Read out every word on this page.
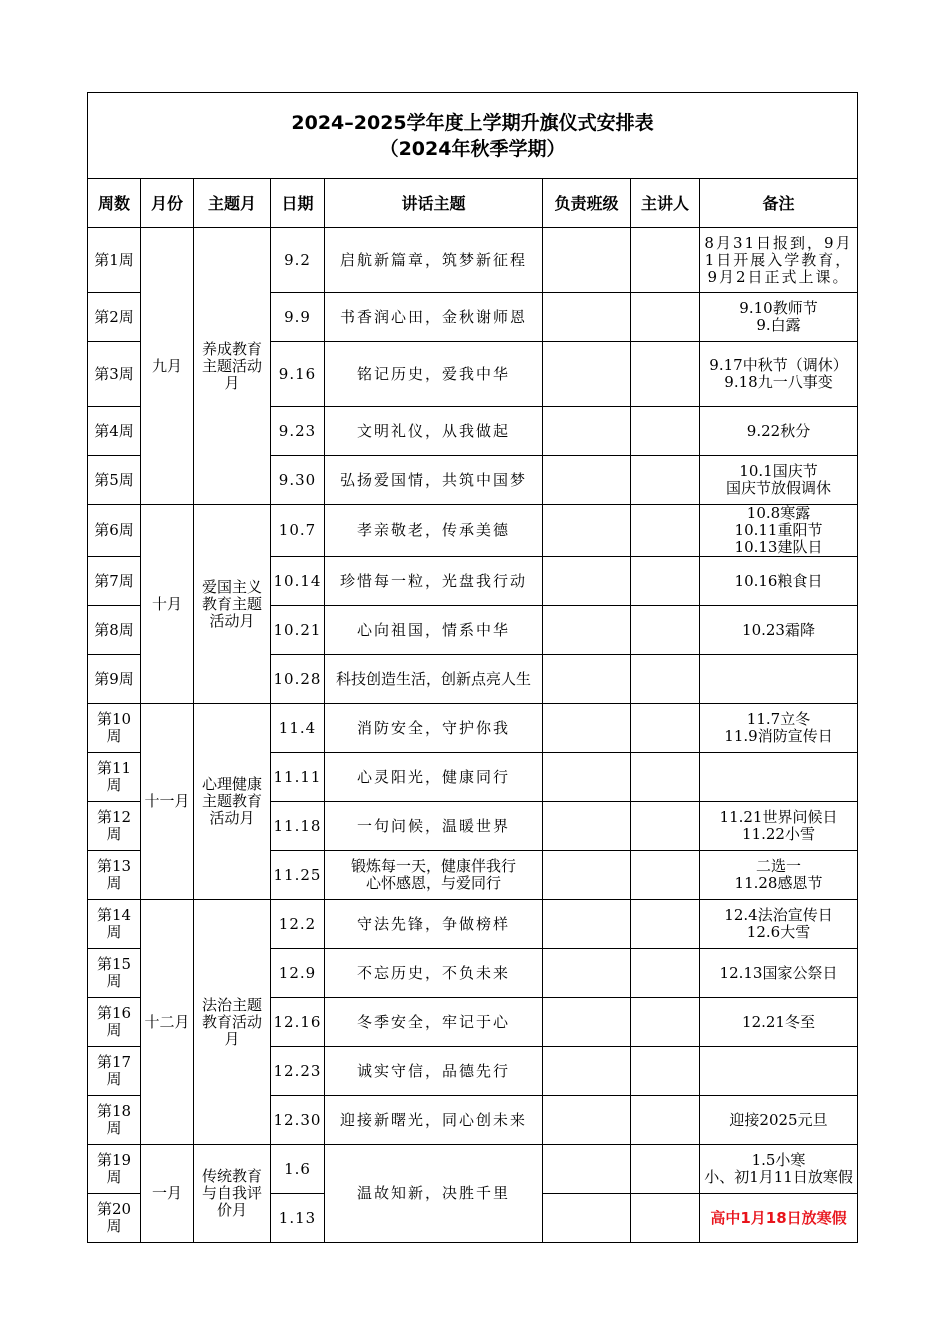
2024–2025学年度上学期升旗仪式安排表
（2024年秋季学期）							

周数	月份	主题月	日期	讲话主题	负责班级	主讲人	备注
第1周	九月	养成教育主题活动月	9.2	启航新篇章，筑梦新征程			8月31日报到，9月1日开展入学教育，9月2日正式上课。
第2周			9.9	书香润心田，金秋谢师恩			9.10教师节
9.白露
第3周			9.16	铭记历史，爱我中华			9.17中秋节（调休）
9.18九一八事变
第4周			9.23	文明礼仪，从我做起			9.22秋分
第5周			9.30	弘扬爱国情，共筑中国梦			10.1国庆节
国庆节放假调休
第6周	十月	爱国主义教育主题活动月	10.7	孝亲敬老，传承美德			10.8寒露
10.11重阳节
10.13建队日
第7周			10.14	珍惜每一粒，光盘我行动			10.16粮食日
第8周			10.21	心向祖国，情系中华			10.23霜降
第9周			10.28	科技创造生活，创新点亮人生			
第10周	十一月	心理健康主题教育活动月	11.4	消防安全，守护你我			11.7立冬
11.9消防宣传日
第11周			11.11	心灵阳光，健康同行			
第12周			11.18	一句问候，温暖世界			11.21世界问候日
11.22小雪
第13周			11.25	锻炼每一天，健康伴我行
心怀感恩，与爱同行			二选一
11.28感恩节
第14周	十二月	法治主题教育活动月	12.2	守法先锋，争做榜样			12.4法治宣传日
12.6大雪
第15周			12.9	不忘历史，不负未来			12.13国家公祭日
第16周			12.16	冬季安全，牢记于心			12.21冬至
第17周			12.23	诚实守信，品德先行			
第18周			12.30	迎接新曙光，同心创未来			迎接2025元旦
第19周	一月	传统教育与自我评价月	1.6	温故知新，决胜千里			1.5小寒
小、初1月11日放寒假
第20周			1.13				高中1月18日放寒假
